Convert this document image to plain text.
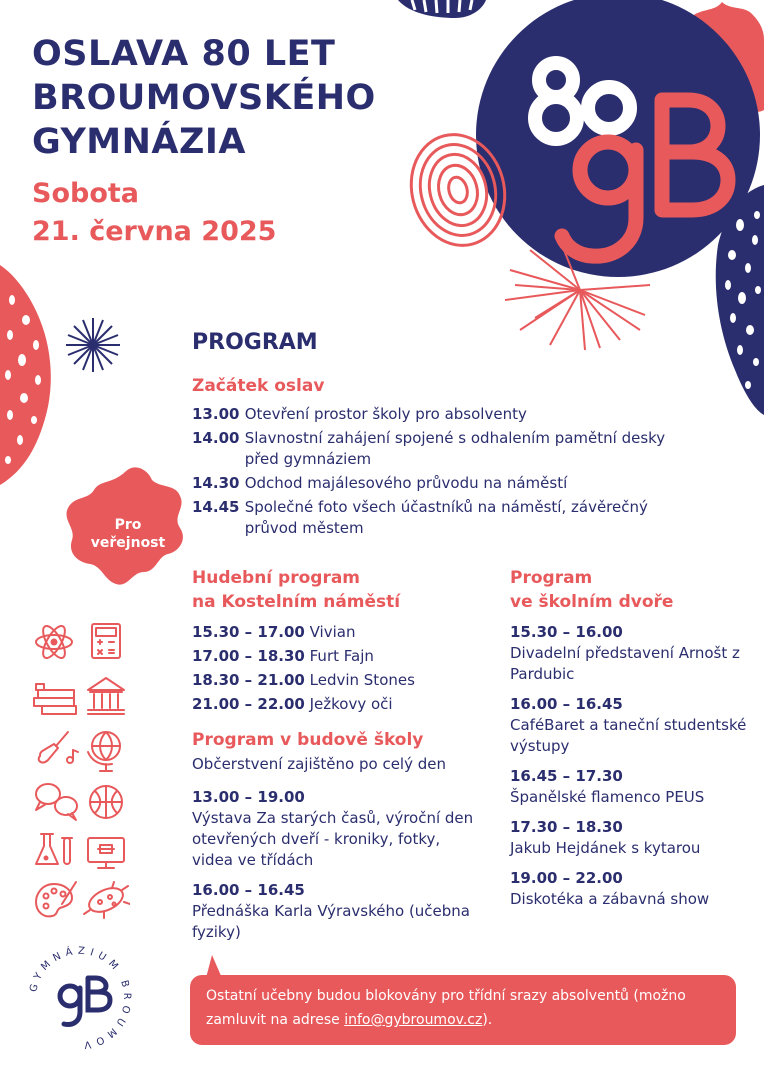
80
OSLAVA 80 LET
BROUMOVSKÉHO
GYMNÁZIA
Sobota
21. června 2025
PROGRAM
Začátek oslav
13.00
Otevření prostor školy pro absolventy
14.00
Slavnostní zahájení spojené s odhalením pamětní desky před gymnáziem
14.30
Odchod majálesového průvodu na náměstí
14.45
Společné foto všech účastníků na náměstí, závěrečný průvod městem
Pro
veřejnost
Hudební program
na Kostelním náměstí
15.30 – 17.00 Vivian
17.00 – 18.30 Furt Fajn
18.30 – 21.00 Ledvin Stones
21.00 – 22.00 Ježkovy oči
Program v budově školy
Občerstvení zajištěno po celý den
13.00 – 19.00
Výstava Za starých časů, výroční den otevřených dveří - kroniky, fotky, videa ve třídách
16.00 – 16.45
Přednáška Karla Výravského (učebna fyziky)
Program
ve školním dvoře
15.30 – 16.00
Divadelní představení Arnošt z Pardubic
16.00 – 16.45
CaféBaret a taneční studentské výstupy
16.45 – 17.30
Španělské flamenco PEUS
17.30 – 18.30
Jakub Hejdánek s kytarou
19.00 – 22.00
Diskotéka a zábavná show
GYMNÁZIUM BROUMOV
Ostatní učebny budou blokovány pro třídní srazy absolventů (možno zamluvit na adrese info@gybroumov.cz).
